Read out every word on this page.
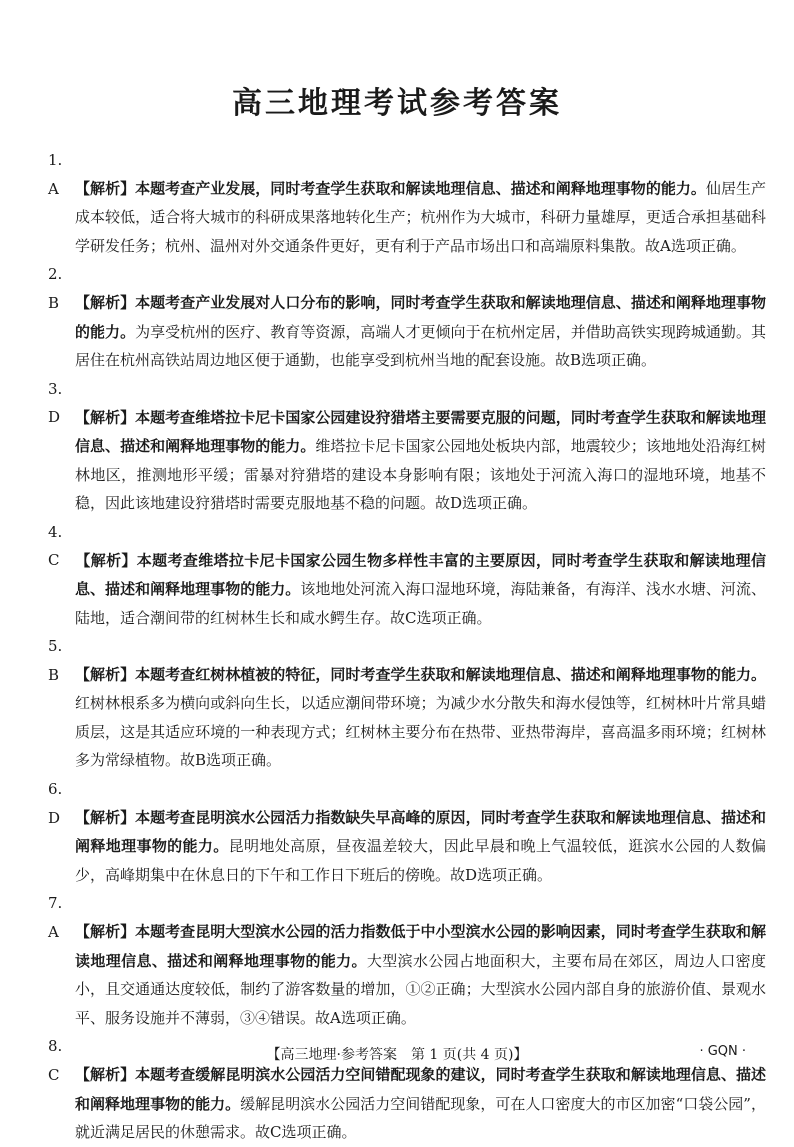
高三地理考试参考答案

1. A 【解析】本题考查产业发展，同时考查学生获取和解读地理信息、描述和阐释地理事物的能力。仙居生产成本较低，适合将大城市的科研成果落地转化生产；杭州作为大城市，科研力量雄厚，更适合承担基础科学研发任务；杭州、温州对外交通条件更好，更有利于产品市场出口和高端原料集散。故A选项正确。

2. B 【解析】本题考查产业发展对人口分布的影响，同时考查学生获取和解读地理信息、描述和阐释地理事物的能力。为享受杭州的医疗、教育等资源，高端人才更倾向于在杭州定居，并借助高铁实现跨城通勤。其居住在杭州高铁站周边地区便于通勤，也能享受到杭州当地的配套设施。故B选项正确。

3. D 【解析】本题考查维塔拉卡尼卡国家公园建设狩猎塔主要需要克服的问题，同时考查学生获取和解读地理信息、描述和阐释地理事物的能力。维塔拉卡尼卡国家公园地处板块内部，地震较少；该地地处沿海红树林地区，推测地形平缓；雷暴对狩猎塔的建设本身影响有限；该地处于河流入海口的湿地环境，地基不稳，因此该地建设狩猎塔时需要克服地基不稳的问题。故D选项正确。

4. C 【解析】本题考查维塔拉卡尼卡国家公园生物多样性丰富的主要原因，同时考查学生获取和解读地理信息、描述和阐释地理事物的能力。该地地处河流入海口湿地环境，海陆兼备，有海洋、浅水水塘、河流、陆地，适合潮间带的红树林生长和咸水鳄生存。故C选项正确。

5. B 【解析】本题考查红树林植被的特征，同时考查学生获取和解读地理信息、描述和阐释地理事物的能力。红树林根系多为横向或斜向生长，以适应潮间带环境；为减少水分散失和海水侵蚀等，红树林叶片常具蜡质层，这是其适应环境的一种表现方式；红树林主要分布在热带、亚热带海岸，喜高温多雨环境；红树林多为常绿植物。故B选项正确。

6. D 【解析】本题考查昆明滨水公园活力指数缺失早高峰的原因，同时考查学生获取和解读地理信息、描述和阐释地理事物的能力。昆明地处高原，昼夜温差较大，因此早晨和晚上气温较低，逛滨水公园的人数偏少，高峰期集中在休息日的下午和工作日下班后的傍晚。故D选项正确。

7. A 【解析】本题考查昆明大型滨水公园的活力指数低于中小型滨水公园的影响因素，同时考查学生获取和解读地理信息、描述和阐释地理事物的能力。大型滨水公园占地面积大，主要布局在郊区，周边人口密度小，且交通通达度较低，制约了游客数量的增加，①②正确；大型滨水公园内部自身的旅游价值、景观水平、服务设施并不薄弱，③④错误。故A选项正确。

8. C 【解析】本题考查缓解昆明滨水公园活力空间错配现象的建议，同时考查学生获取和解读地理信息、描述和阐释地理事物的能力。缓解昆明滨水公园活力空间错配现象，可在人口密度大的市区加密“口袋公园”，就近满足居民的休憩需求。故C选项正确。

【高三地理·参考答案　第 1 页(共 4 页)】	· GQN ·
